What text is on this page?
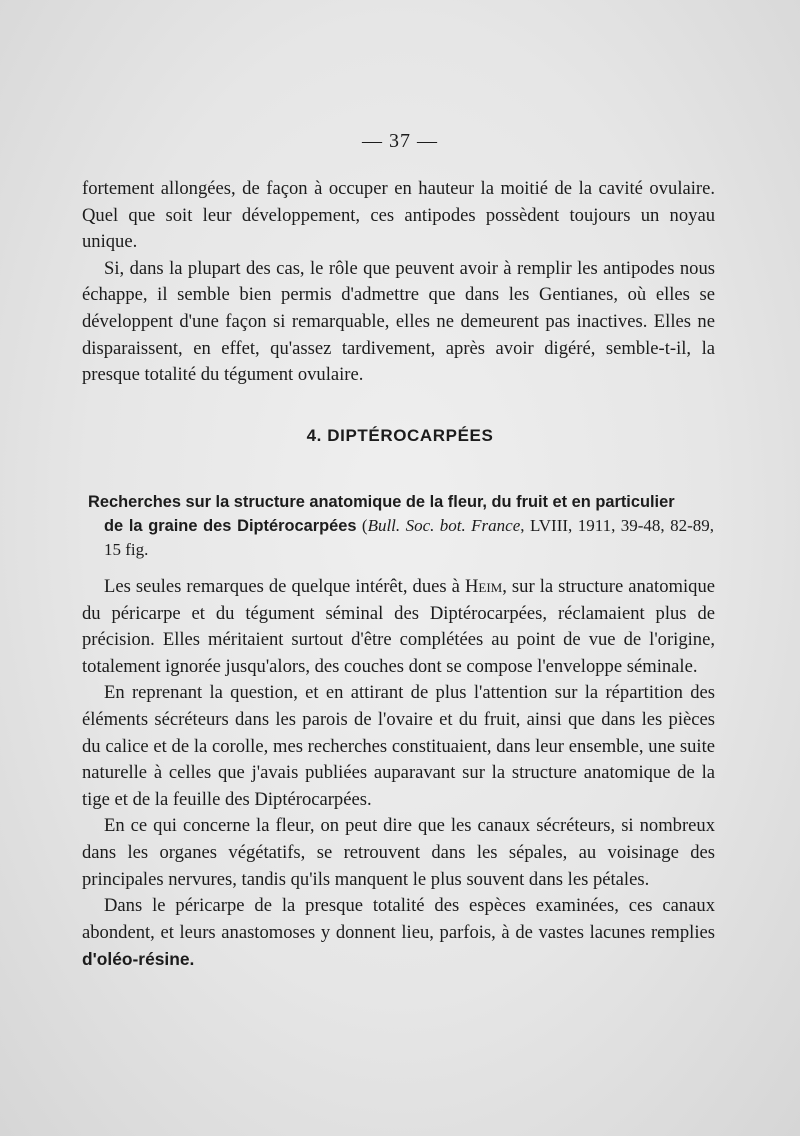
— 37 —

fortement allongées, de façon à occuper en hauteur la moitié de la cavité ovulaire. Quel que soit leur développement, ces antipodes possèdent toujours un noyau unique.

Si, dans la plupart des cas, le rôle que peuvent avoir à remplir les antipodes nous échappe, il semble bien permis d'admettre que dans les Gentianes, où elles se développent d'une façon si remarquable, elles ne demeurent pas inactives. Elles ne disparaissent, en effet, qu'assez tardivement, après avoir digéré, semble-t-il, la presque totalité du tégument ovulaire.

4. DIPTÉROCARPÉES
Recherches sur la structure anatomique de la fleur, du fruit et en particulier
de la graine des Diptérocarpées (Bull. Soc. bot. France, LVIII, 1911, 39-48, 82-89, 15 fig.

Les seules remarques de quelque intérêt, dues à Heim, sur la structure anatomique du péricarpe et du tégument séminal des Diptérocarpées, réclamaient plus de précision. Elles méritaient surtout d'être complétées au point de vue de l'origine, totalement ignorée jusqu'alors, des couches dont se compose l'enveloppe séminale.

En reprenant la question, et en attirant de plus l'attention sur la répartition des éléments sécréteurs dans les parois de l'ovaire et du fruit, ainsi que dans les pièces du calice et de la corolle, mes recherches constituaient, dans leur ensemble, une suite naturelle à celles que j'avais publiées auparavant sur la structure anatomique de la tige et de la feuille des Diptérocarpées.

En ce qui concerne la fleur, on peut dire que les canaux sécréteurs, si nombreux dans les organes végétatifs, se retrouvent dans les sépales, au voisinage des principales nervures, tandis qu'ils manquent le plus souvent dans les pétales.

Dans le péricarpe de la presque totalité des espèces examinées, ces canaux abondent, et leurs anastomoses y donnent lieu, parfois, à de vastes lacunes remplies d'oléo-résine.
